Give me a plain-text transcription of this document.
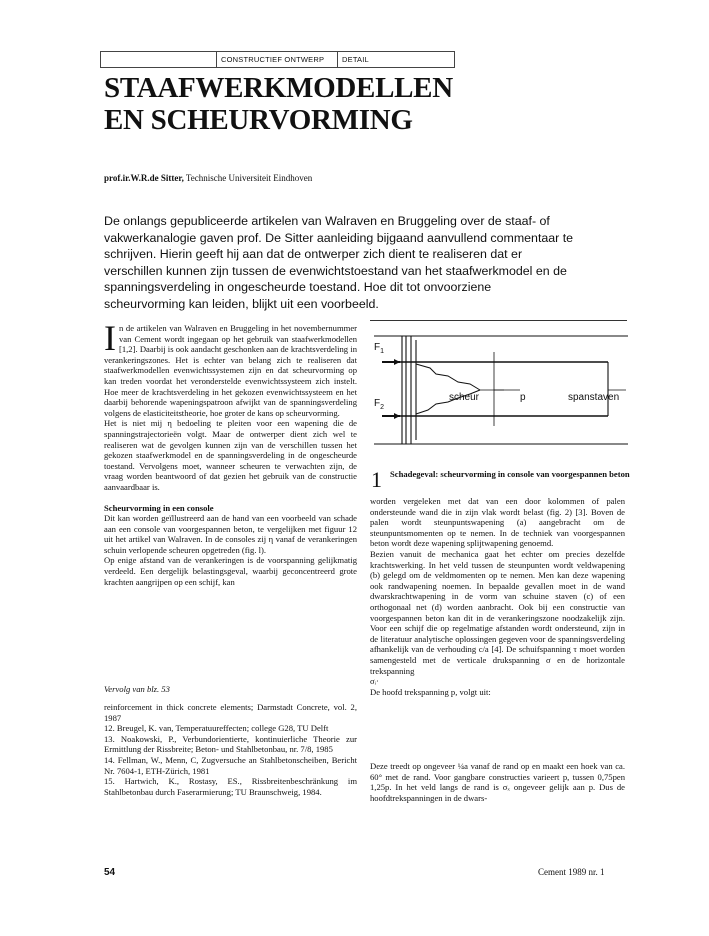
CONSTRUCTIEF ONTWERP	DETAIL
STAAFWERKMODELLEN
EN SCHEURVORMING
prof.ir.W.R.de Sitter, Technische Universiteit Eindhoven
De onlangs gepubliceerde artikelen van Walraven en Bruggeling over de staaf- of vakwerkanalogie gaven prof. De Sitter aanleiding bijgaand aanvullend commentaar te schrijven. Hierin geeft hij aan dat de ontwerper zich dient te realiseren dat er verschillen kunnen zijn tussen de evenwichtstoestand van het staafwerkmodel en de spanningsverdeling in ongescheurde toestand. Hoe dit tot onvoorziene scheurvorming kan leiden, blijkt uit een voorbeeld.

In de artikelen van Walraven en Bruggeling in het novembernummer van Cement wordt ingegaan op het gebruik van staafwerkmodellen [1,2]. Daarbij is ook aandacht geschonken aan de krachtsverdeling in verankeringszones. Het is echter van belang zich te realiseren dat staafwerkmodellen evenwichtssystemen zijn en dat scheurvorming op kan treden voordat het veronderstelde evenwichtssysteem zich instelt. Hoe meer de krachtsverdeling in het gekozen evenwichtssysteem en het daarbij behorende wapeningspatroon afwijkt van de spanningsverdeling volgens de elasticiteitstheorie, hoe groter de kans op scheurvorming.

Het is niet mij η bedoeling te pleiten voor een wapening die de spanningstrajectorieën volgt. Maar de ontwerper dient zich wel te realiseren wat de gevolgen kunnen zijn van de verschillen tussen het gekozen staafwerkmodel en de spanningsverdeling in de ongescheurde toestand. Vervolgens moet, wanneer scheuren te verwachten zijn, de vraag worden beantwoord of dat gezien het gebruik van de constructie aanvaardbaar is.

Scheurvorming in een console

Dit kan worden geïllustreerd aan de hand van een voorbeeld van schade aan een console van voorgespannen beton, te vergelijken met figuur 12 uit het artikel van Walraven. In de consoles zij η vanaf de verankeringen schuin verlopende scheuren opgetreden (fig. l).

Op enige afstand van de verankeringen is de voorspanning gelijkmatig verdeeld. Een dergelijk belastingsgeval, waarbij geconcentreerd grote krachten aangrijpen op een schijf, kan

Vervolg van blz. 53

reinforcement in thick concrete elements; Darmstadt Concrete, vol. 2, 1987

12. Breugel, K. van, Temperatuureffecten; college G28, TU Delft

13. Noakowski, P., Verbundorientierte, kontinuierliche Theorie zur Ermittlung der Rissbreite; Beton- und Stahlbetonbau, nr. 7/8, 1985

14. Fellman, W., Menn, C, Zugversuche an Stahlbetonscheiben, Bericht Nr. 7604-1, ETH-Zürich, 1981

15. Hartwich, K., Rostasy, ES., Rissbreitenbeschränkung im Stahlbetonbau durch Faserarmierung; TU Braunschweig, 1984.

$F_1$
$F_2$
scheur	p	spanstaven
1 Schadegeval: scheurvorming in console van voorgespannen beton

worden vergeleken met dat van een door kolommen of palen ondersteunde wand die in zijn vlak wordt belast (fig. 2) [3]. Boven de palen wordt steunpuntswapening (a) aangebracht om de steunpuntsmomenten op te nemen. In de techniek van voorgespannen beton wordt deze wapening splijtwapening genoemd.

Bezien vanuit de mechanica gaat het echter om precies dezelfde krachtswerking. In het veld tussen de steunpunten wordt veldwapening (b) gelegd om de veldmomenten op te nemen. Men kan deze wapening ook randwapening noemen. In bepaalde gevallen moet in de wand dwarskrachtwapening in de vorm van schuine staven (c) of een orthogonaal net (d) worden aanbracht. Ook bij een constructie van voorgespannen beton kan dit in de verankeringszone noodzakelijk zijn. Voor een schijf die op regelmatige afstanden wordt ondersteund, zijn in de literatuur analytische oplossingen gegeven voor de spanningsverdeling afhankelijk van de verhouding c/a [4]. De schuifspanning τ moet worden samengesteld met de verticale drukspanning σ en de horizontale trekspanning

σᵢ·

De hoofd trekspanning p, volgt uit:

Deze treedt op ongeveer ¼a vanaf de rand op en maakt een hoek van ca. 60° met de rand. Voor gangbare constructies varieert p, tussen 0,75pen 1,25p. In het veld langs de rand is σₓ ongeveer gelijk aan p. Dus de hoofdtrekspanningen in de dwars-

54	Cement 1989 nr. 1
